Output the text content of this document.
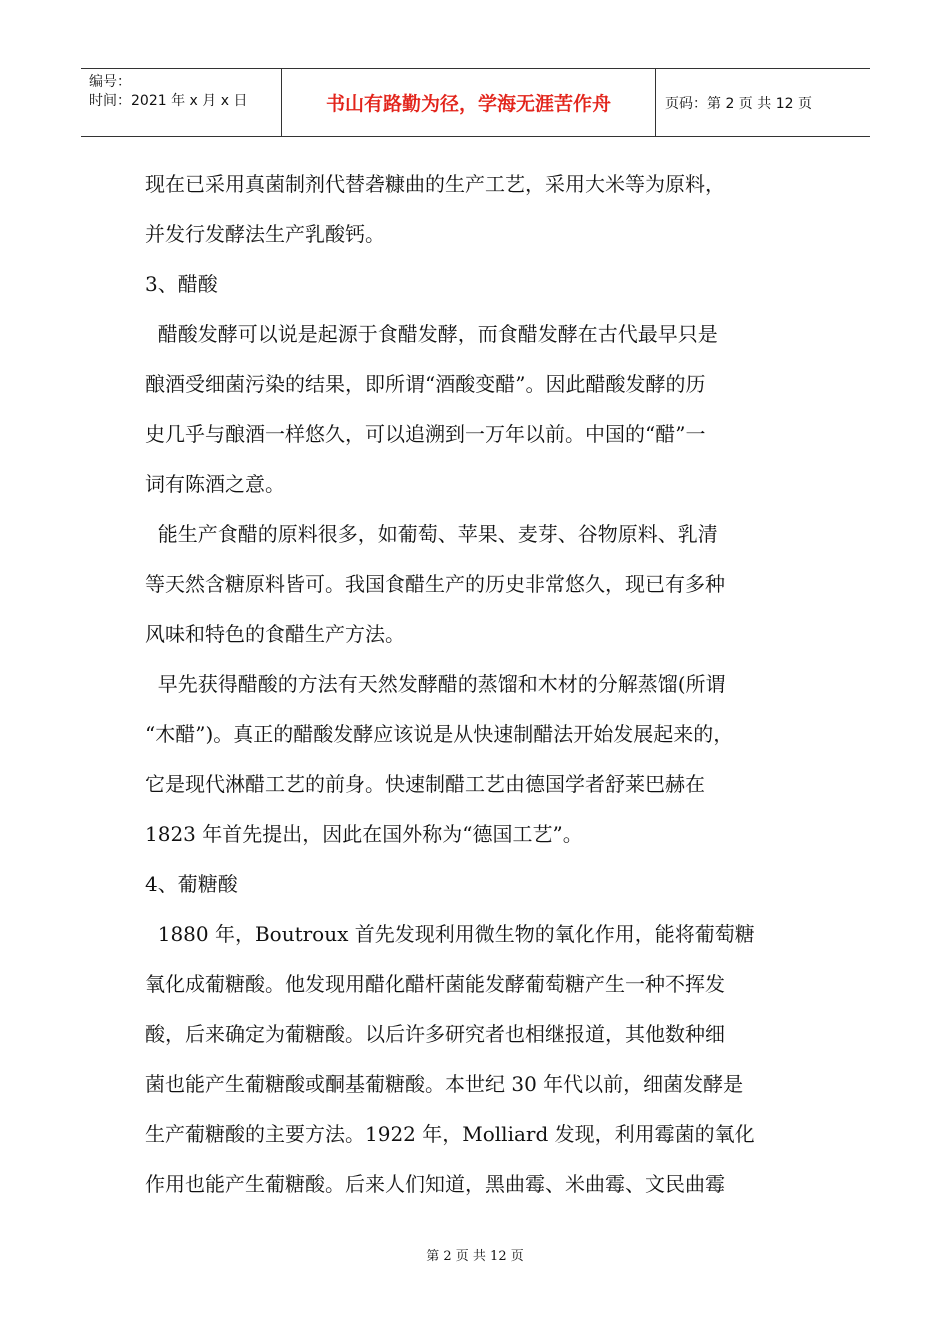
编号：
时间：2021 年 x 月 x 日	书山有路勤为径，学海无涯苦作舟	页码：第 2 页 共 12 页
现在已采用真菌制剂代替砻糠曲的生产工艺，采用大米等为原料，
并发行发酵法生产乳酸钙。
3、醋酸
醋酸发酵可以说是起源于食醋发酵，而食醋发酵在古代最早只是
酿酒受细菌污染的结果，即所谓“酒酸变醋”。因此醋酸发酵的历
史几乎与酿酒一样悠久，可以追溯到一万年以前。中国的“醋”一
词有陈酒之意。
能生产食醋的原料很多，如葡萄、苹果、麦芽、谷物原料、乳清
等天然含糖原料皆可。我国食醋生产的历史非常悠久，现已有多种
风味和特色的食醋生产方法。
早先获得醋酸的方法有天然发酵醋的蒸馏和木材的分解蒸馏(所谓
“木醋”)。真正的醋酸发酵应该说是从快速制醋法开始发展起来的，
它是现代淋醋工艺的前身。快速制醋工艺由德国学者舒莱巴赫在
1823 年首先提出，因此在国外称为“德国工艺”。
4、葡糖酸
1880 年，Boutroux 首先发现利用微生物的氧化作用，能将葡萄糖
氧化成葡糖酸。他发现用醋化醋杆菌能发酵葡萄糖产生一种不挥发
酸，后来确定为葡糖酸。以后许多研究者也相继报道，其他数种细
菌也能产生葡糖酸或酮基葡糖酸。本世纪 30 年代以前，细菌发酵是
生产葡糖酸的主要方法。1922 年，Molliard 发现，利用霉菌的氧化
作用也能产生葡糖酸。后来人们知道，黑曲霉、米曲霉、文民曲霉
第 2 页 共 12 页
